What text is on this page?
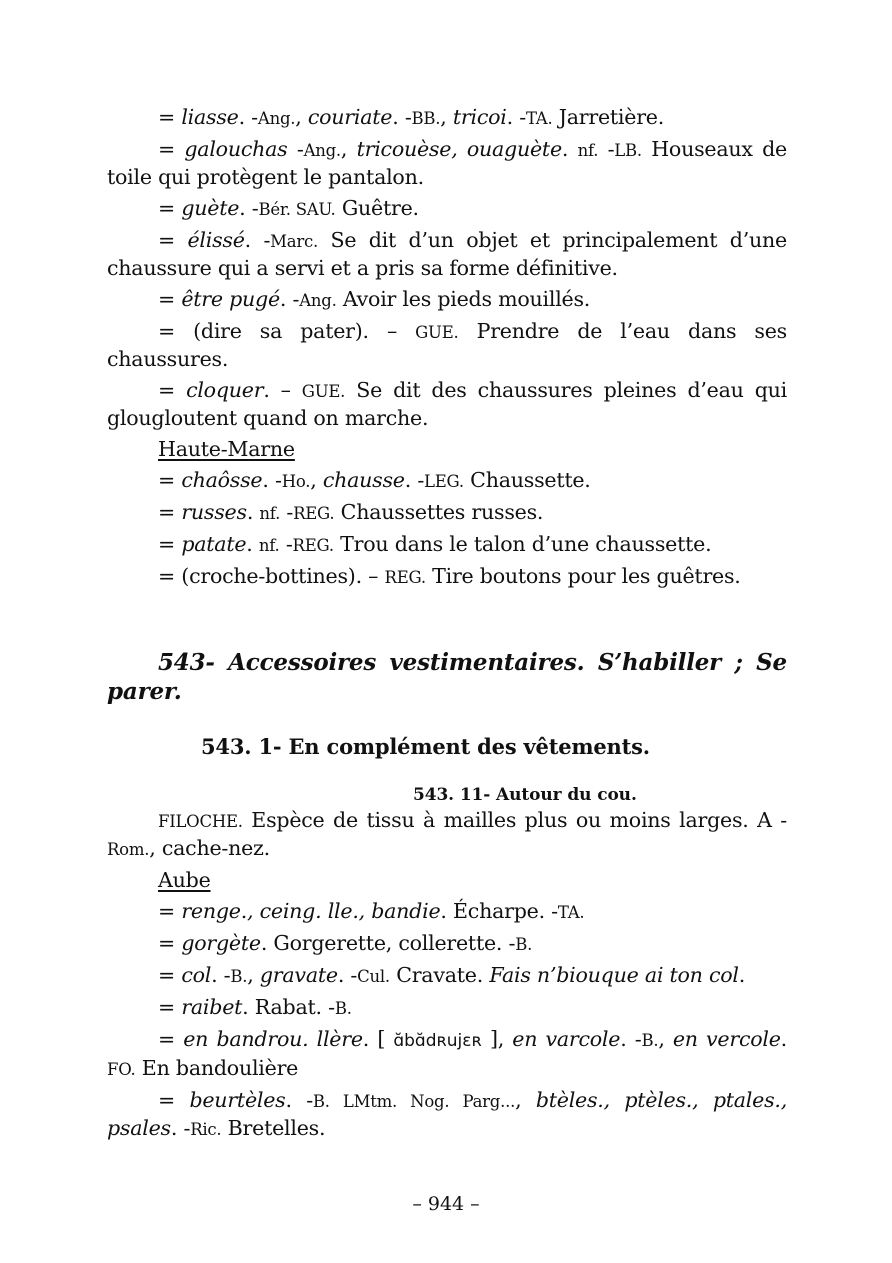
= liasse. -Ang., couriate. -BB., tricoi. -TA. Jarretière.

= galouchas -Ang., tricouèse, ouaguète. nf. -LB. Houseaux de toile qui protègent le pantalon.

= guète. -Bér. SAU. Guêtre.

= élissé. -Marc. Se dit d’un objet et principalement d’une chaussure qui a servi et a pris sa forme définitive.

= être pugé. -Ang. Avoir les pieds mouillés.

= (dire sa pater). – GUE. Prendre de l’eau dans ses chaussures.

= cloquer. – GUE. Se dit des chaussures pleines d’eau qui glougloutent quand on marche.

Haute-Marne

= chaôsse. -Ho., chausse. -LEG. Chaussette.

= russes. nf. -REG. Chaussettes russes.

= patate. nf. -REG. Trou dans le talon d’une chaussette.

= (croche-bottines). – REG. Tire boutons pour les guêtres.

543- Accessoires vestimentaires. S’habiller ; Se parer.
543. 1- En complément des vêtements.
543. 11- Autour du cou.

FILOCHE. Espèce de tissu à mailles plus ou moins larges. A -Rom., cache-nez.

Aube

= renge., ceing. lle., bandie. Écharpe. -TA.

= gorgète. Gorgerette, collerette. -B.

= col. -B., gravate. -Cul. Cravate. Fais n’biouque ai ton col.

= raibet. Rabat. -B.

= en bandrou. llère. [ ɑ̆bɑ̆dʀujɛʀ ], en varcole. -B., en vercole. FO. En bandoulière

= beurtèles. -B. LMtm. Nog. Parg..., btèles., ptèles., ptales., psales. -Ric. Bretelles.

– 944 –
